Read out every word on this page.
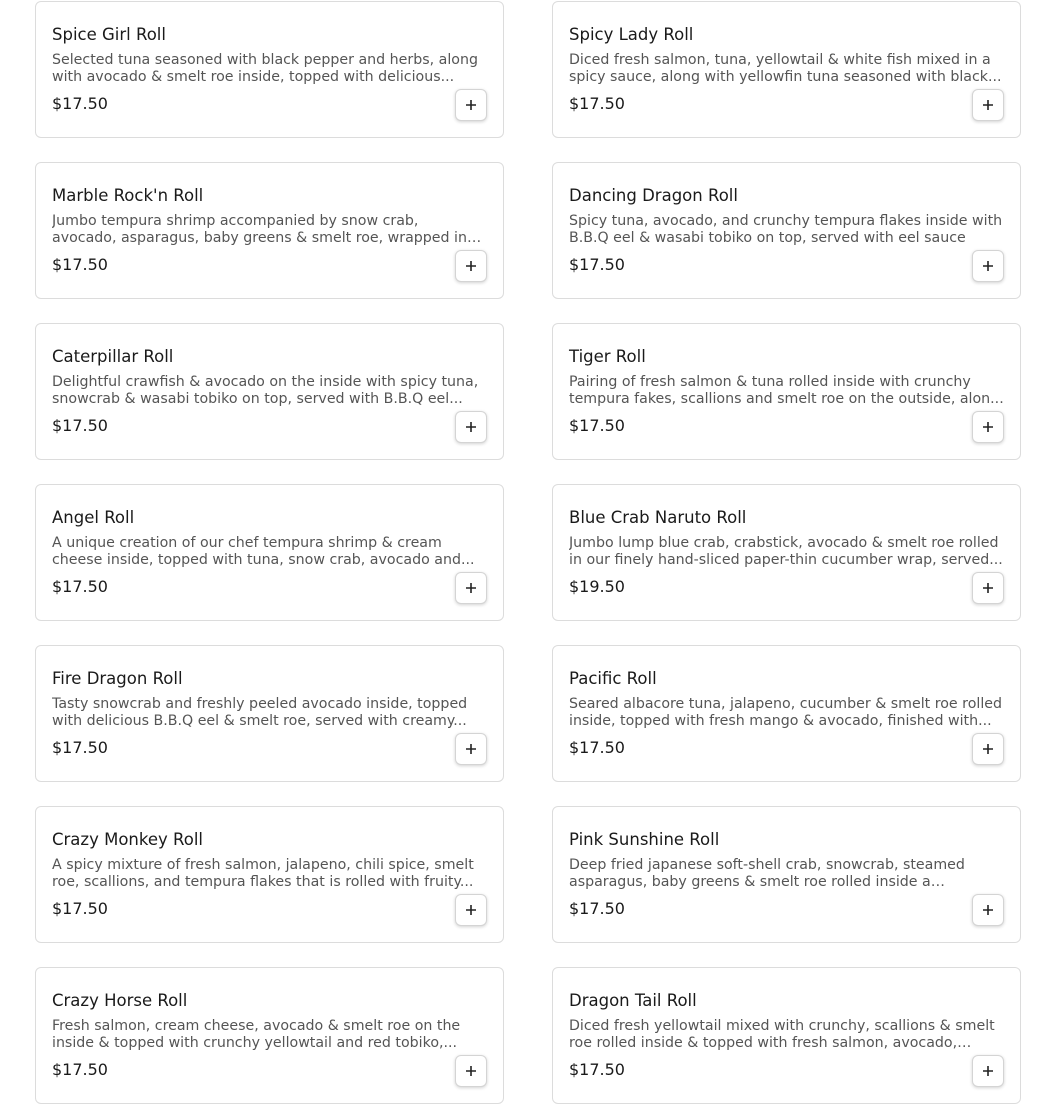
Spice Girl Roll
Selected tuna seasoned with black pepper and herbs, along with avocado & smelt roe inside, topped with delicious...
$17.50
Spicy Lady Roll
Diced fresh salmon, tuna, yellowtail & white fish mixed in a spicy sauce, along with yellowfin tuna seasoned with black...
$17.50
Marble Rock'n Roll
Jumbo tempura shrimp accompanied by snow crab, avocado, asparagus, baby greens & smelt roe, wrapped in
$17.50
Dancing Dragon Roll
Spicy tuna, avocado, and crunchy tempura flakes inside with B.B.Q eel & wasabi tobiko on top, served with eel sauce
$17.50
Caterpillar Roll
Delightful crawfish & avocado on the inside with spicy tuna, snowcrab & wasabi tobiko on top, served with B.B.Q eel...
$17.50
Tiger Roll
Pairing of fresh salmon & tuna rolled inside with crunchy tempura fakes, scallions and smelt roe on the outside, alon...
$17.50
Angel Roll
A unique creation of our chef tempura shrimp & cream cheese inside, topped with tuna, snow crab, avocado and...
$17.50
Blue Crab Naruto Roll
Jumbo lump blue crab, crabstick, avocado & smelt roe rolled in our finely hand-sliced paper-thin cucumber wrap, served...
$19.50
Fire Dragon Roll
Tasty snowcrab and freshly peeled avocado inside, topped with delicious B.B.Q eel & smelt roe, served with creamy...
$17.50
Pacific Roll
Seared albacore tuna, jalapeno, cucumber & smelt roe rolled inside, topped with fresh mango & avocado, finished with...
$17.50
Crazy Monkey Roll
A spicy mixture of fresh salmon, jalapeno, chili spice, smelt roe, scallions, and tempura flakes that is rolled with fruity...
$17.50
Pink Sunshine Roll
Deep fried japanese soft-shell crab, snowcrab, steamed asparagus, baby greens & smelt roe rolled inside a
$17.50
Crazy Horse Roll
Fresh salmon, cream cheese, avocado & smelt roe on the inside & topped with crunchy yellowtail and red tobiko,...
$17.50
Dragon Tail Roll
Diced fresh yellowtail mixed with crunchy, scallions & smelt roe rolled inside & topped with fresh salmon, avocado,
$17.50
